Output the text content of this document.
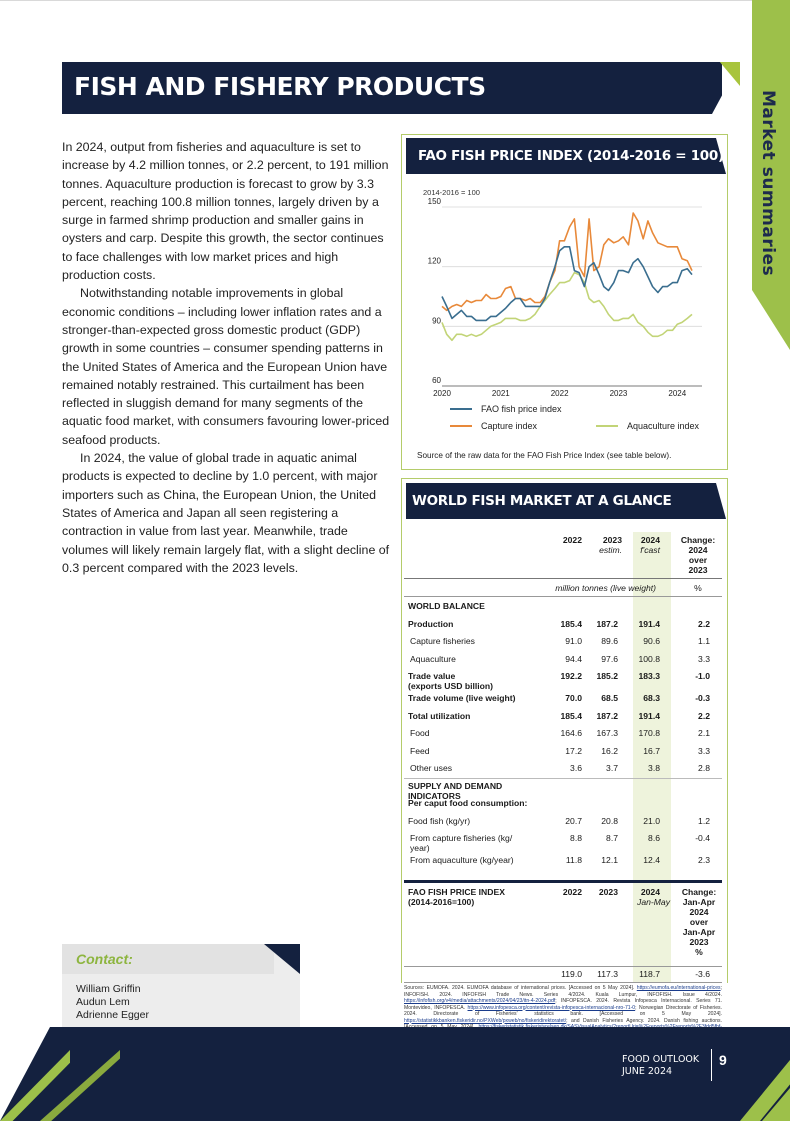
Market summaries
FISH AND FISHERY PRODUCTS

In 2024, output from fisheries and aquaculture is set to increase by 4.2 million tonnes, or 2.2 percent, to 191 million tonnes. Aquaculture production is forecast to grow by 3.3 percent, reaching 100.8 million tonnes, largely driven by a surge in farmed shrimp production and smaller gains in oysters and carp. Despite this growth, the sector continues to face challenges with low market prices and high production costs.

Notwithstanding notable improvements in global economic conditions – including lower inflation rates and a stronger-than-expected gross domestic product (GDP) growth in some countries – consumer spending patterns in the United States of America and the European Union have remained notably restrained. This curtailment has been reflected in sluggish demand for many segments of the aquatic food market, with consumers favouring lower-priced seafood products.

In 2024, the value of global trade in aquatic animal products is expected to decline by 1.0 percent, with major importers such as China, the European Union, the United States of America and Japan all seen registering a contraction in value from last year. Meanwhile, trade volumes will likely remain largely flat, with a slight decline of 0.3 percent compared with the 2023 levels.

Contact:
William Griffin
Audun Lem
Adrienne Egger
FAO FISH PRICE INDEX (2014-2016 = 100)
2014-2016 = 100
60
90
120
150
2020	2021	2022	2023	2024
FAO fish price index
Capture index	Aquaculture index
Source of the raw data for the FAO Fish Price Index (see table below).
WORLD FISH MARKET AT A GLANCE
2022	2023
estim.
2024
f'cast
Change:
2024
over
2023
million tonnes (live weight)	%
WORLD BALANCE
Production	185.4	187.2	191.4	2.2
Capture fisheries	91.0	89.6	90.6	1.1
Aquaculture	94.4	97.6	100.8	3.3
Trade value
(exports USD billion)
192.2	185.2	183.3	-1.0
Trade volume (live weight)	70.0	68.5	68.3	-0.3
Total utilization	185.4	187.2	191.4	2.2
Food	164.6	167.3	170.8	2.1
Feed	17.2	16.2	16.7	3.3
Other uses	3.6	3.7	3.8	2.8
SUPPLY AND DEMAND INDICATORS
Per caput food consumption:
Food fish (kg/yr)	20.7	20.8	21.0	1.2
From capture fisheries (kg/
year)
8.8	8.7	8.6	-0.4
From aquaculture (kg/year)	11.8	12.1	12.4	2.3
FAO FISH PRICE INDEX
(2014-2016=100)
2022	2023	2024
Jan-May
Change:
Jan-Apr
2024
over
Jan-Apr
2023
%
119.0	117.3	118.7	-3.6
Sources: EUMOFA. 2024. EUMOFA database of international prices. [Accessed on 5 May 2024]. https://eumofa.eu/international-prices; INFOFISH. 2024. INFOFISH Trade News. Series 4/2024. Kuala Lumpur, INFOFISH. Issue 4/2024. https://infofish.org/v4/media/attachments/2024/04/23/itn-4-2024.pdf; INFOPESCA. 2024. Revista Infopesca Internacional. Series 71. Montevideo, INFOPESCA. https://www.infopesca.org/content/revista-infopesca-internacional-nro-71-0; Norwegian Directorate of Fisheries. 2024. Directorate of Fisheries' statistics bank. [Accessed on 5 May 2024]. https://statistikkbanken.fiskeridir.no/PXWeb/pxweb/no/fiskeridirektoratet/; and Danish Fisheries Agency. 2024. Danish fishing auctions.
FOOD OUTLOOK
JUNE 2024
9
